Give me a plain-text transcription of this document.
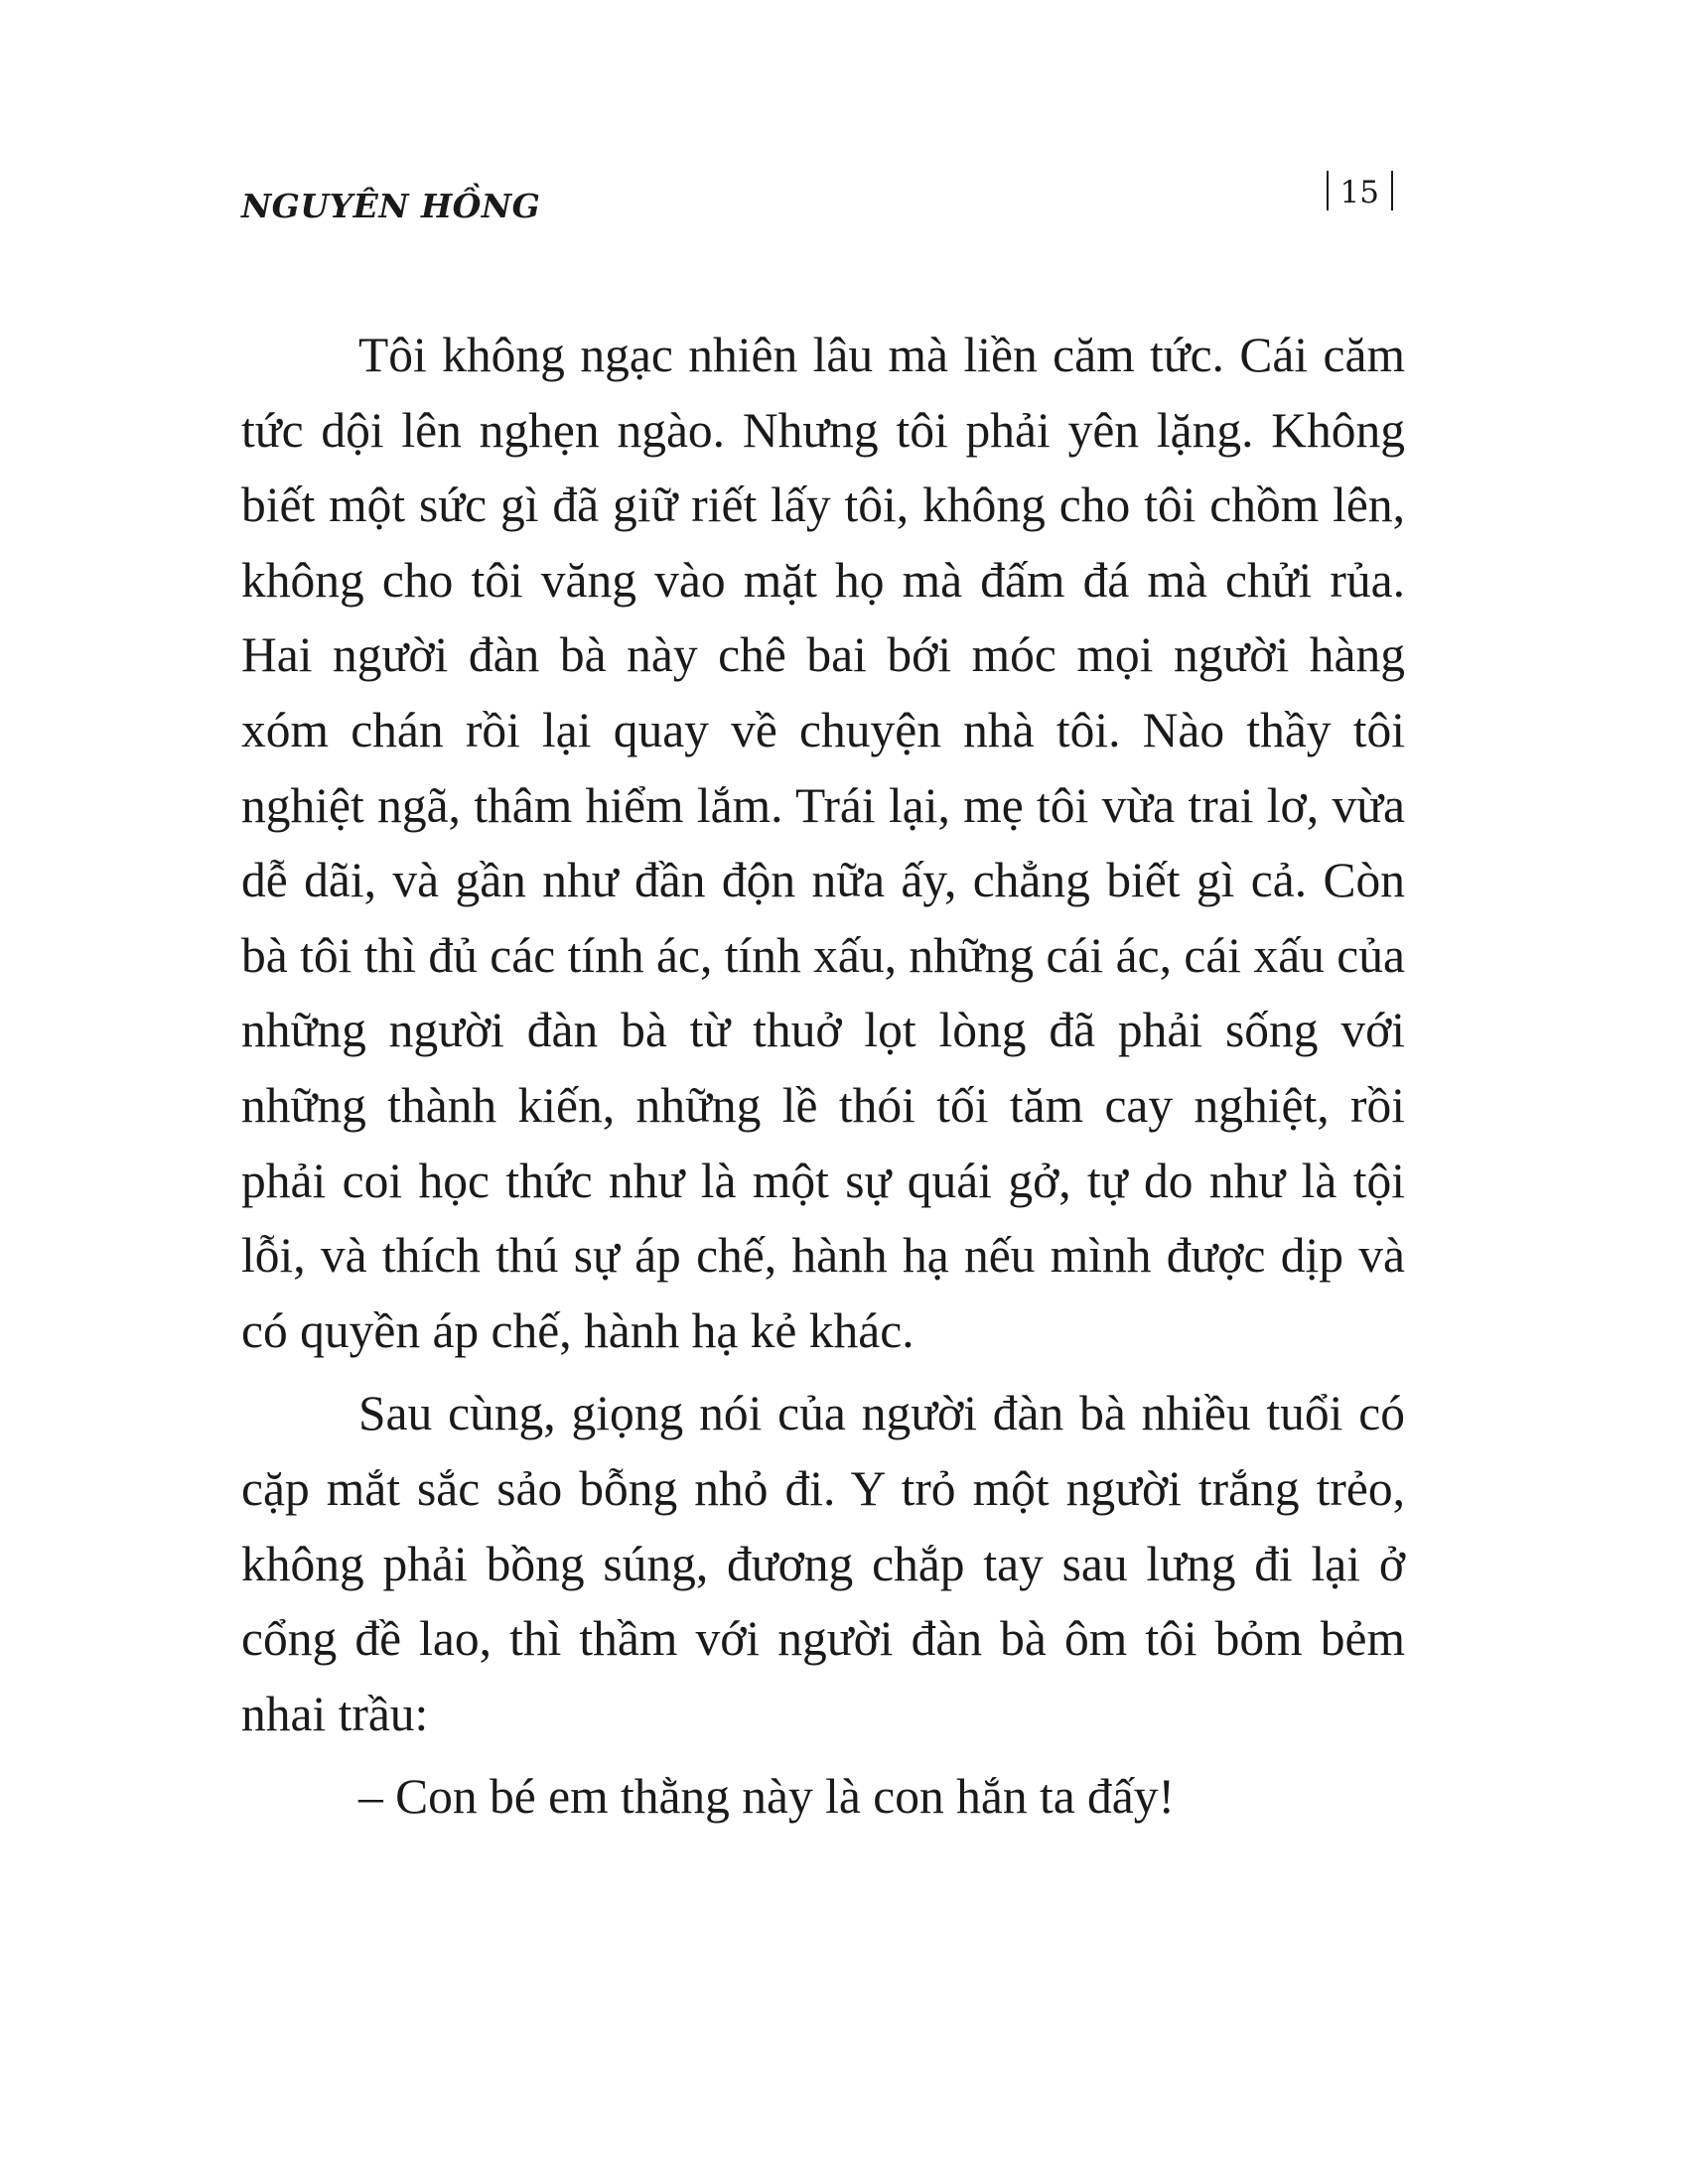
NGUYÊN HỒNG	15

Tôi không ngạc nhiên lâu mà liền căm tức. Cái căm tức dội lên nghẹn ngào. Nhưng tôi phải yên lặng. Không biết một sức gì đã giữ riết lấy tôi, không cho tôi chồm lên, không cho tôi văng vào mặt họ mà đấm đá mà chửi rủa. Hai người đàn bà này chê bai bới móc mọi người hàng xóm chán rồi lại quay về chuyện nhà tôi. Nào thầy tôi nghiệt ngã, thâm hiểm lắm. Trái lại, mẹ tôi vừa trai lơ, vừa dễ dãi, và gần như đần độn nữa ấy, chẳng biết gì cả. Còn bà tôi thì đủ các tính ác, tính xấu, những cái ác, cái xấu của những người đàn bà từ thuở lọt lòng đã phải sống với những thành kiến, những lề thói tối tăm cay nghiệt, rồi phải coi học thức như là một sự quái gở, tự do như là tội lỗi, và thích thú sự áp chế, hành hạ nếu mình được dịp và có quyền áp chế, hành hạ kẻ khác.

Sau cùng, giọng nói của người đàn bà nhiều tuổi có cặp mắt sắc sảo bỗng nhỏ đi. Y trỏ một người trắng trẻo, không phải bồng súng, đương chắp tay sau lưng đi lại ở cổng đề lao, thì thầm với người đàn bà ôm tôi bỏm bẻm nhai trầu:

– Con bé em thằng này là con hắn ta đấy!
